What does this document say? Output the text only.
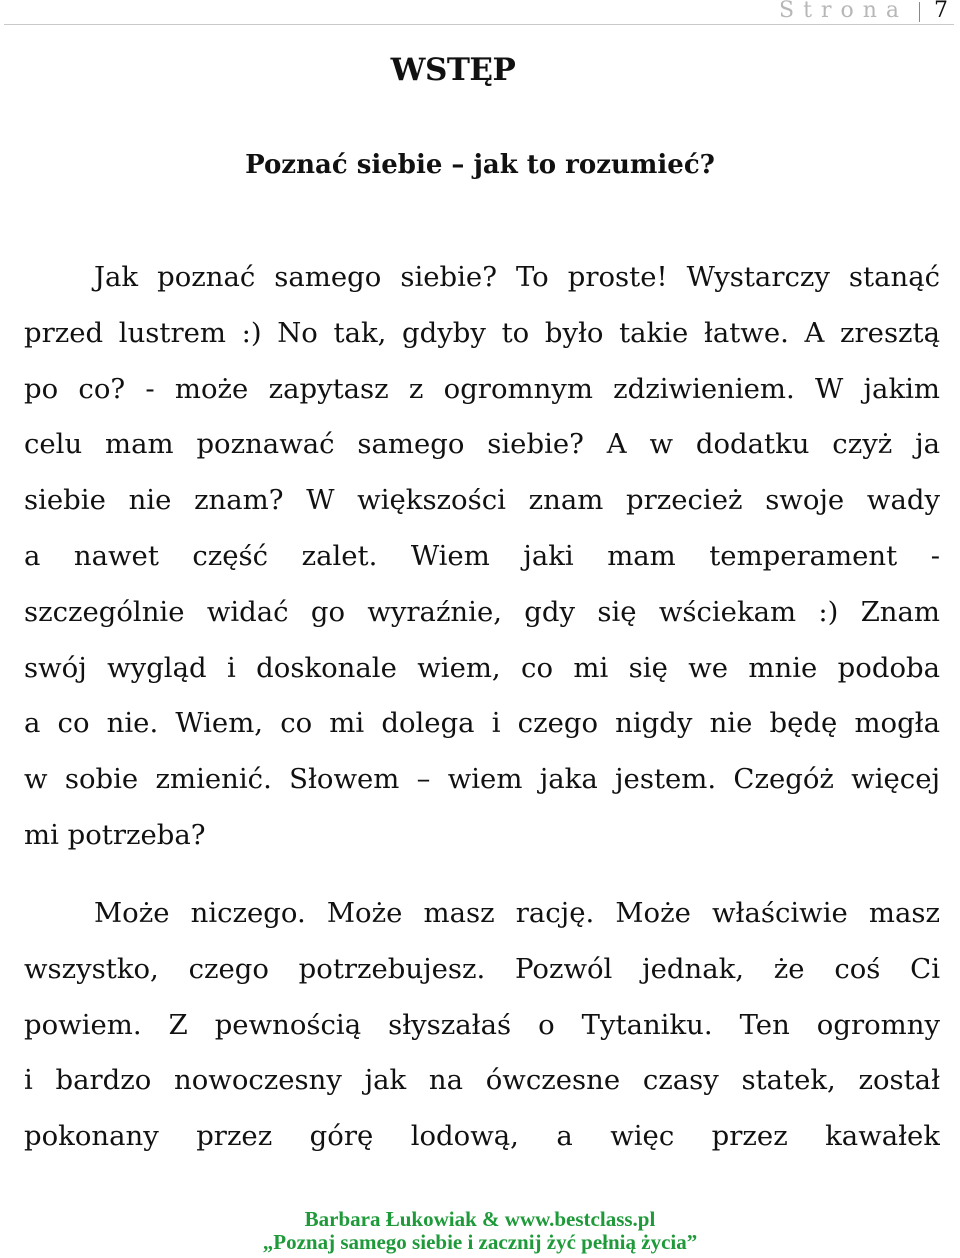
Strona 7
WSTĘP
Poznać siebie – jak to rozumieć?
Jak poznać samego siebie? To proste! Wystarczy stanąć
przed lustrem :) No tak, gdyby to było takie łatwe. A zresztą
po co? - może zapytasz z ogromnym zdziwieniem. W jakim
celu mam poznawać samego siebie? A w dodatku czyż ja
siebie nie znam? W większości znam przecież swoje wady
a nawet część zalet. Wiem jaki mam temperament -
szczególnie widać go wyraźnie, gdy się wściekam :) Znam
swój wygląd i doskonale wiem, co mi się we mnie podoba
a co nie. Wiem, co mi dolega i czego nigdy nie będę mogła
w sobie zmienić. Słowem – wiem jaka jestem. Czegóż więcej
mi potrzeba?
Może niczego. Może masz rację. Może właściwie masz
wszystko, czego potrzebujesz. Pozwól jednak, że coś Ci
powiem. Z pewnością słyszałaś o Tytaniku. Ten ogromny
i bardzo nowoczesny jak na ówczesne czasy statek, został
pokonany przez górę lodową, a więc przez kawałek
Barbara Łukowiak & www.bestclass.pl
„Poznaj samego siebie i zacznij żyć pełnią życia”
